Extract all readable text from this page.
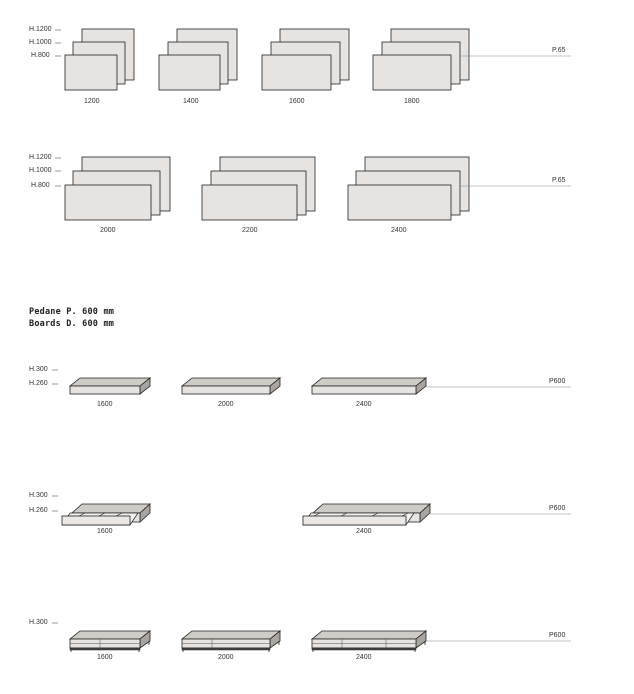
H.1200
H.1000
H.800
P.65
1200	1400	1600	1800
H.1200
H.1000
H.800
P.65
2000	2200	2400
Pedane P. 600 mm
Boards D. 600 mm
H.300
H.260	P600
1600	2000	2400
H.300
H.260	P600
1600	2400
H.300
P600
1600	2000	2400
